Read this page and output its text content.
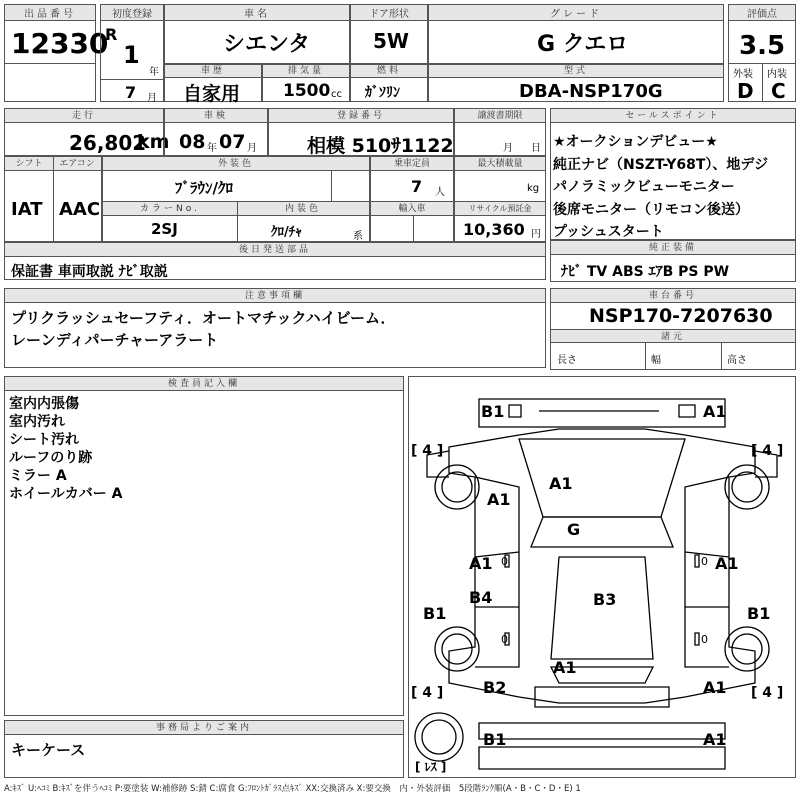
出品番号
12330
初度登録
R
1
年
7 月
車名
シエンタ
ドア形状
5W
グレード
G クエロ
評価点
3.5
外装 内装
D C
車歴
自家用
排気量
1500 cc
燃料
ｶﾞｿﾘﾝ
型式
DBA-NSP170G
走行
26,802
km
車検
08 年 07 月
登録番号
相模 510ｻ1122
譲渡書期限
月 日
シフト	エアコン
IAT AAC
外装色
ﾌﾞﾗｳﾝ/ｸﾛ
カラーNo.	内装色
2SJ	ｸﾛ/ﾁｬ	系
乗車定員
7 人
輸入車
最大積載量
kg
リサイクル預託金
10,360 円
後日発送部品
保証書 車両取説 ﾅﾋﾞ取説
セールスポイント
★オークションデビュー★
純正ナビ（NSZT-Y68T）、地デジ
パノラミックビューモニター
後席モニター（リモコン後送）
プッシュスタート
純正装備
ﾅﾋﾞ TV ABS ｴｱB PS PW
注意事項欄
プリクラッシュセーフティ．オートマチックハイビーム．
レーンディパーチャーアラート
車台番号
NSP170-7207630
諸元
長さ	幅	高さ
検査員記入欄
室内内張傷
室内汚れ
シート汚れ
ルーフのり跡
ミラー A
ホイールカバー A
事務局よりご案内
キーケース
B1	A1
A1
A1
G
A1	A1
B4	B3
B1	B1
A1
B2	A1
B1	A1
0	0
0	0
[ 4 ]	[ 4 ]
[ 4 ]	[ 4 ]
[ ﾚｽ ]
A:ｷｽﾞ U:ﾍｺﾐ B:ｷｽﾞを伴うﾍｺﾐ P:要塗装 W:補修跡 S:錆 C:腐食 G:ﾌﾛﾝﾄｶﾞﾗｽ点ｷｽﾞ XX:交換済み X:要交換　内・外装評価　5段階ﾗﾝｸ順(A・B・C・D・E) 1
